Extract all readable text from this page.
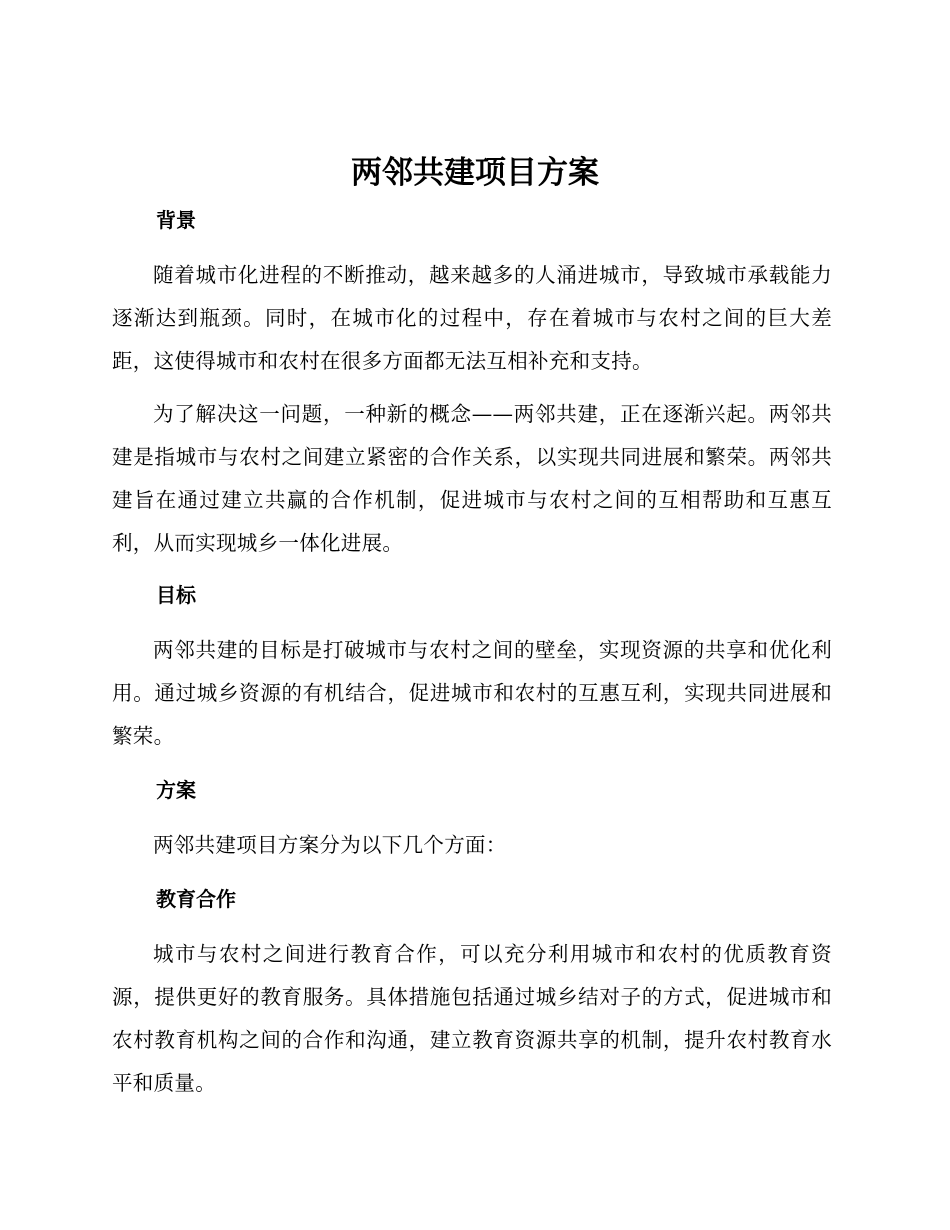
两邻共建项目方案
背景

随着城市化进程的不断推动，越来越多的人涌进城市，导致城市承载能力逐渐达到瓶颈。同时，在城市化的过程中，存在着城市与农村之间的巨大差距，这使得城市和农村在很多方面都无法互相补充和支持。

为了解决这一问题，一种新的概念——两邻共建，正在逐渐兴起。两邻共建是指城市与农村之间建立紧密的合作关系，以实现共同进展和繁荣。两邻共建旨在通过建立共赢的合作机制，促进城市与农村之间的互相帮助和互惠互利，从而实现城乡一体化进展。

目标

两邻共建的目标是打破城市与农村之间的壁垒，实现资源的共享和优化利用。通过城乡资源的有机结合，促进城市和农村的互惠互利，实现共同进展和繁荣。

方案

两邻共建项目方案分为以下几个方面：

教育合作

城市与农村之间进行教育合作，可以充分利用城市和农村的优质教育资源，提供更好的教育服务。具体措施包括通过城乡结对子的方式，促进城市和农村教育机构之间的合作和沟通，建立教育资源共享的机制，提升农村教育水平和质量。
